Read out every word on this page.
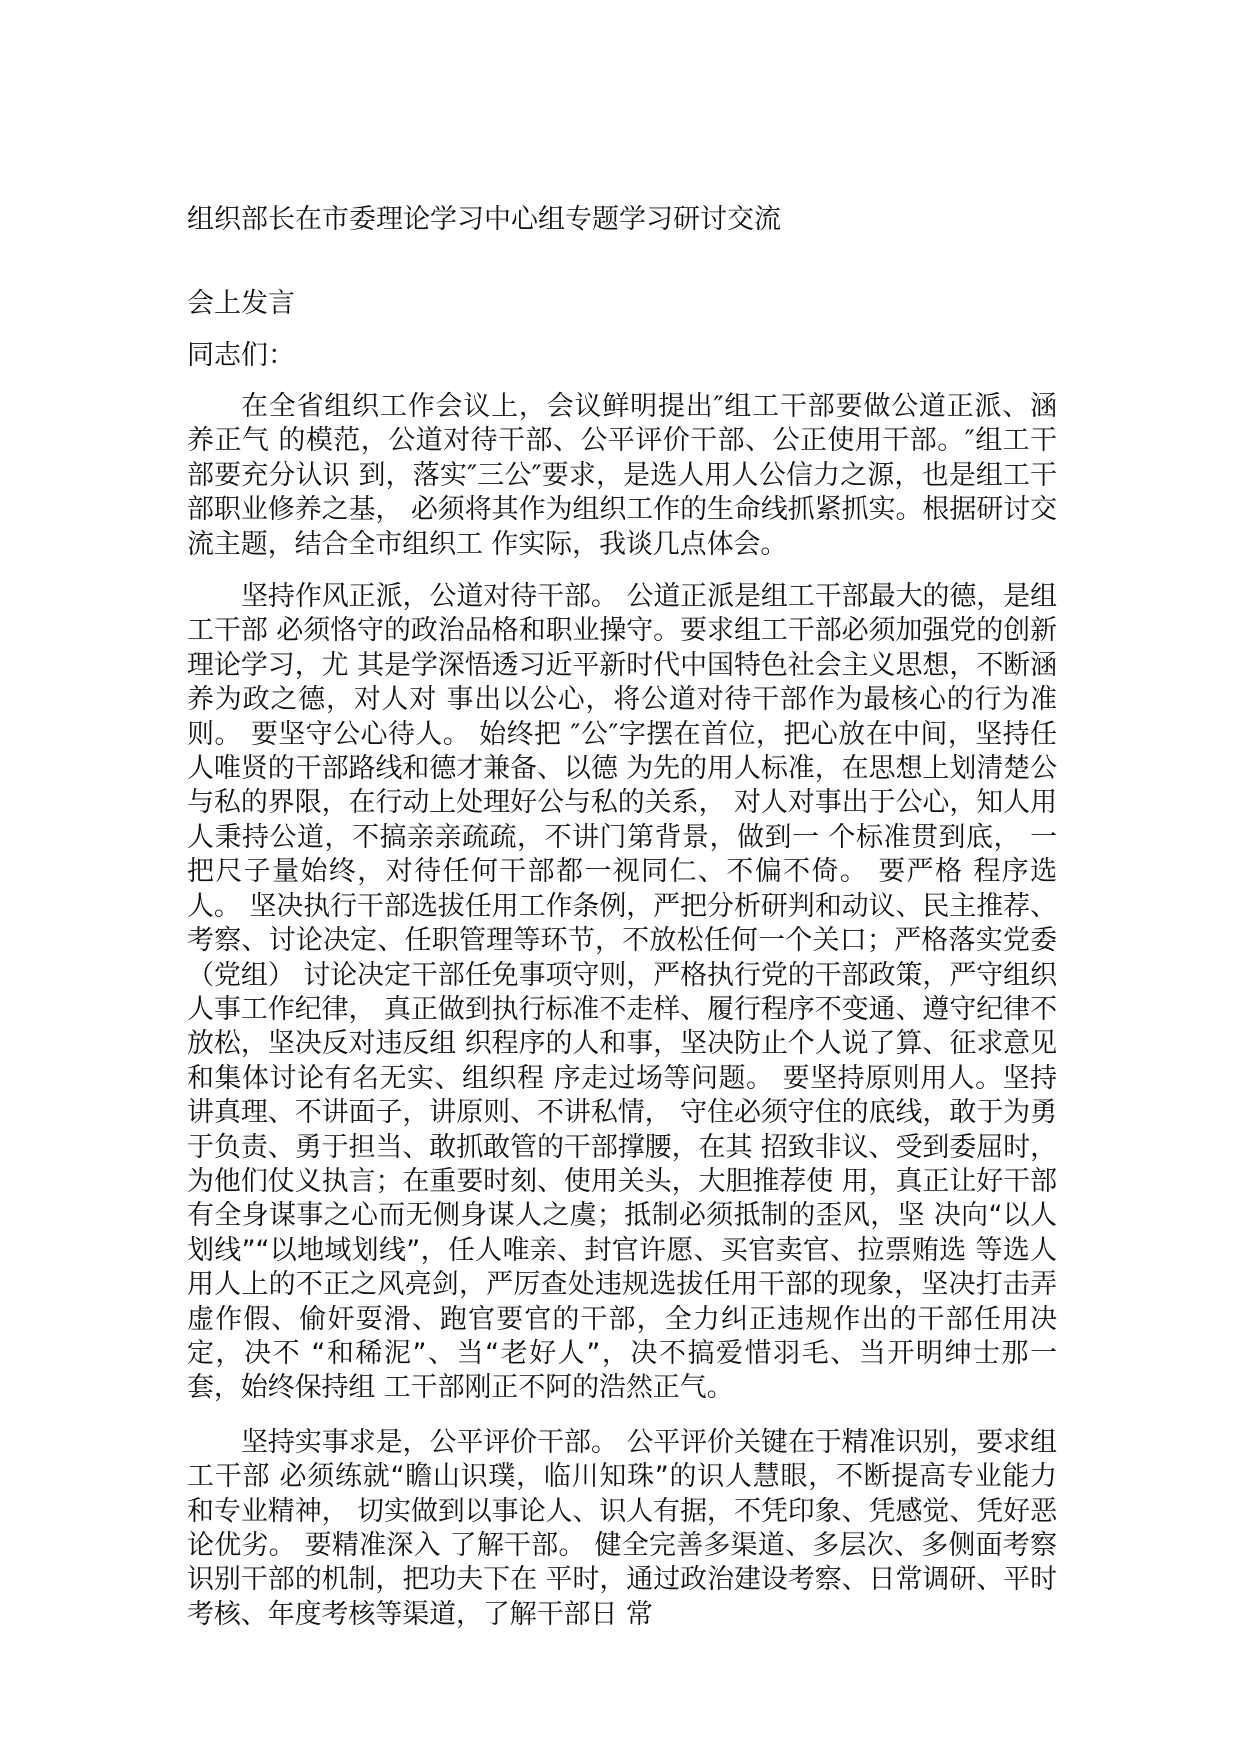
组织部长在市委理论学习中心组专题学习研讨交流

会上发言

同志们：

在全省组织工作会议上，会议鲜明提出″组工干部要做公道正派、涵养正气 的模范，公道对待干部、公平评价干部、公正使用干部。″组工干部要充分认识 到，落实″三公″要求，是选人用人公信力之源，也是组工干部职业修养之基， 必须将其作为组织工作的生命线抓紧抓实。根据研讨交流主题，结合全市组织工 作实际，我谈几点体会。

坚持作风正派，公道对待干部。 公道正派是组工干部最大的德，是组工干部 必须恪守的政治品格和职业操守。要求组工干部必须加强党的创新理论学习，尤 其是学深悟透习近平新时代中国特色社会主义思想，不断涵养为政之德，对人对 事出以公心，将公道对待干部作为最核心的行为准则。 要坚守公心待人。 始终把 ″公″字摆在首位，把心放在中间，坚持任人唯贤的干部路线和德才兼备、以德 为先的用人标准，在思想上划清楚公与私的界限，在行动上处理好公与私的关系， 对人对事出于公心，知人用人秉持公道，不搞亲亲疏疏，不讲门第背景，做到一 个标准贯到底， 一把尺子量始终，对待任何干部都一视同仁、不偏不倚。 要严格 程序选人。 坚决执行干部选拔任用工作条例，严把分析研判和动议、民主推荐、 考察、讨论决定、任职管理等环节，不放松任何一个关口；严格落实党委（党组） 讨论决定干部任免事项守则，严格执行党的干部政策，严守组织人事工作纪律， 真正做到执行标准不走样、履行程序不变通、遵守纪律不放松，坚决反对违反组 织程序的人和事，坚决防止个人说了算、征求意见和集体讨论有名无实、组织程 序走过场等问题。 要坚持原则用人。坚持讲真理、不讲面子，讲原则、不讲私情， 守住必须守住的底线，敢于为勇于负责、勇于担当、敢抓敢管的干部撑腰，在其 招致非议、受到委屈时，为他们仗义执言；在重要时刻、使用关头，大胆推荐使 用，真正让好干部有全身谋事之心而无侧身谋人之虞；抵制必须抵制的歪风，坚 决向“以人划线”“以地域划线”，任人唯亲、封官许愿、买官卖官、拉票贿选 等选人用人上的不正之风亮剑，严厉查处违规选拔任用干部的现象，坚决打击弄 虚作假、偷奸耍滑、跑官要官的干部，全力纠正违规作出的干部任用决定，决不 “和稀泥”、当“老好人”，决不搞爱惜羽毛、当开明绅士那一套，始终保持组 工干部刚正不阿的浩然正气。

坚持实事求是，公平评价干部。 公平评价关键在于精准识别，要求组工干部 必须练就“瞻山识璞，临川知珠”的识人慧眼，不断提高专业能力和专业精神， 切实做到以事论人、识人有据，不凭印象、凭感觉、凭好恶论优劣。 要精准深入 了解干部。 健全完善多渠道、多层次、多侧面考察识别干部的机制，把功夫下在 平时，通过政治建设考察、日常调研、平时考核、年度考核等渠道，了解干部日 常
